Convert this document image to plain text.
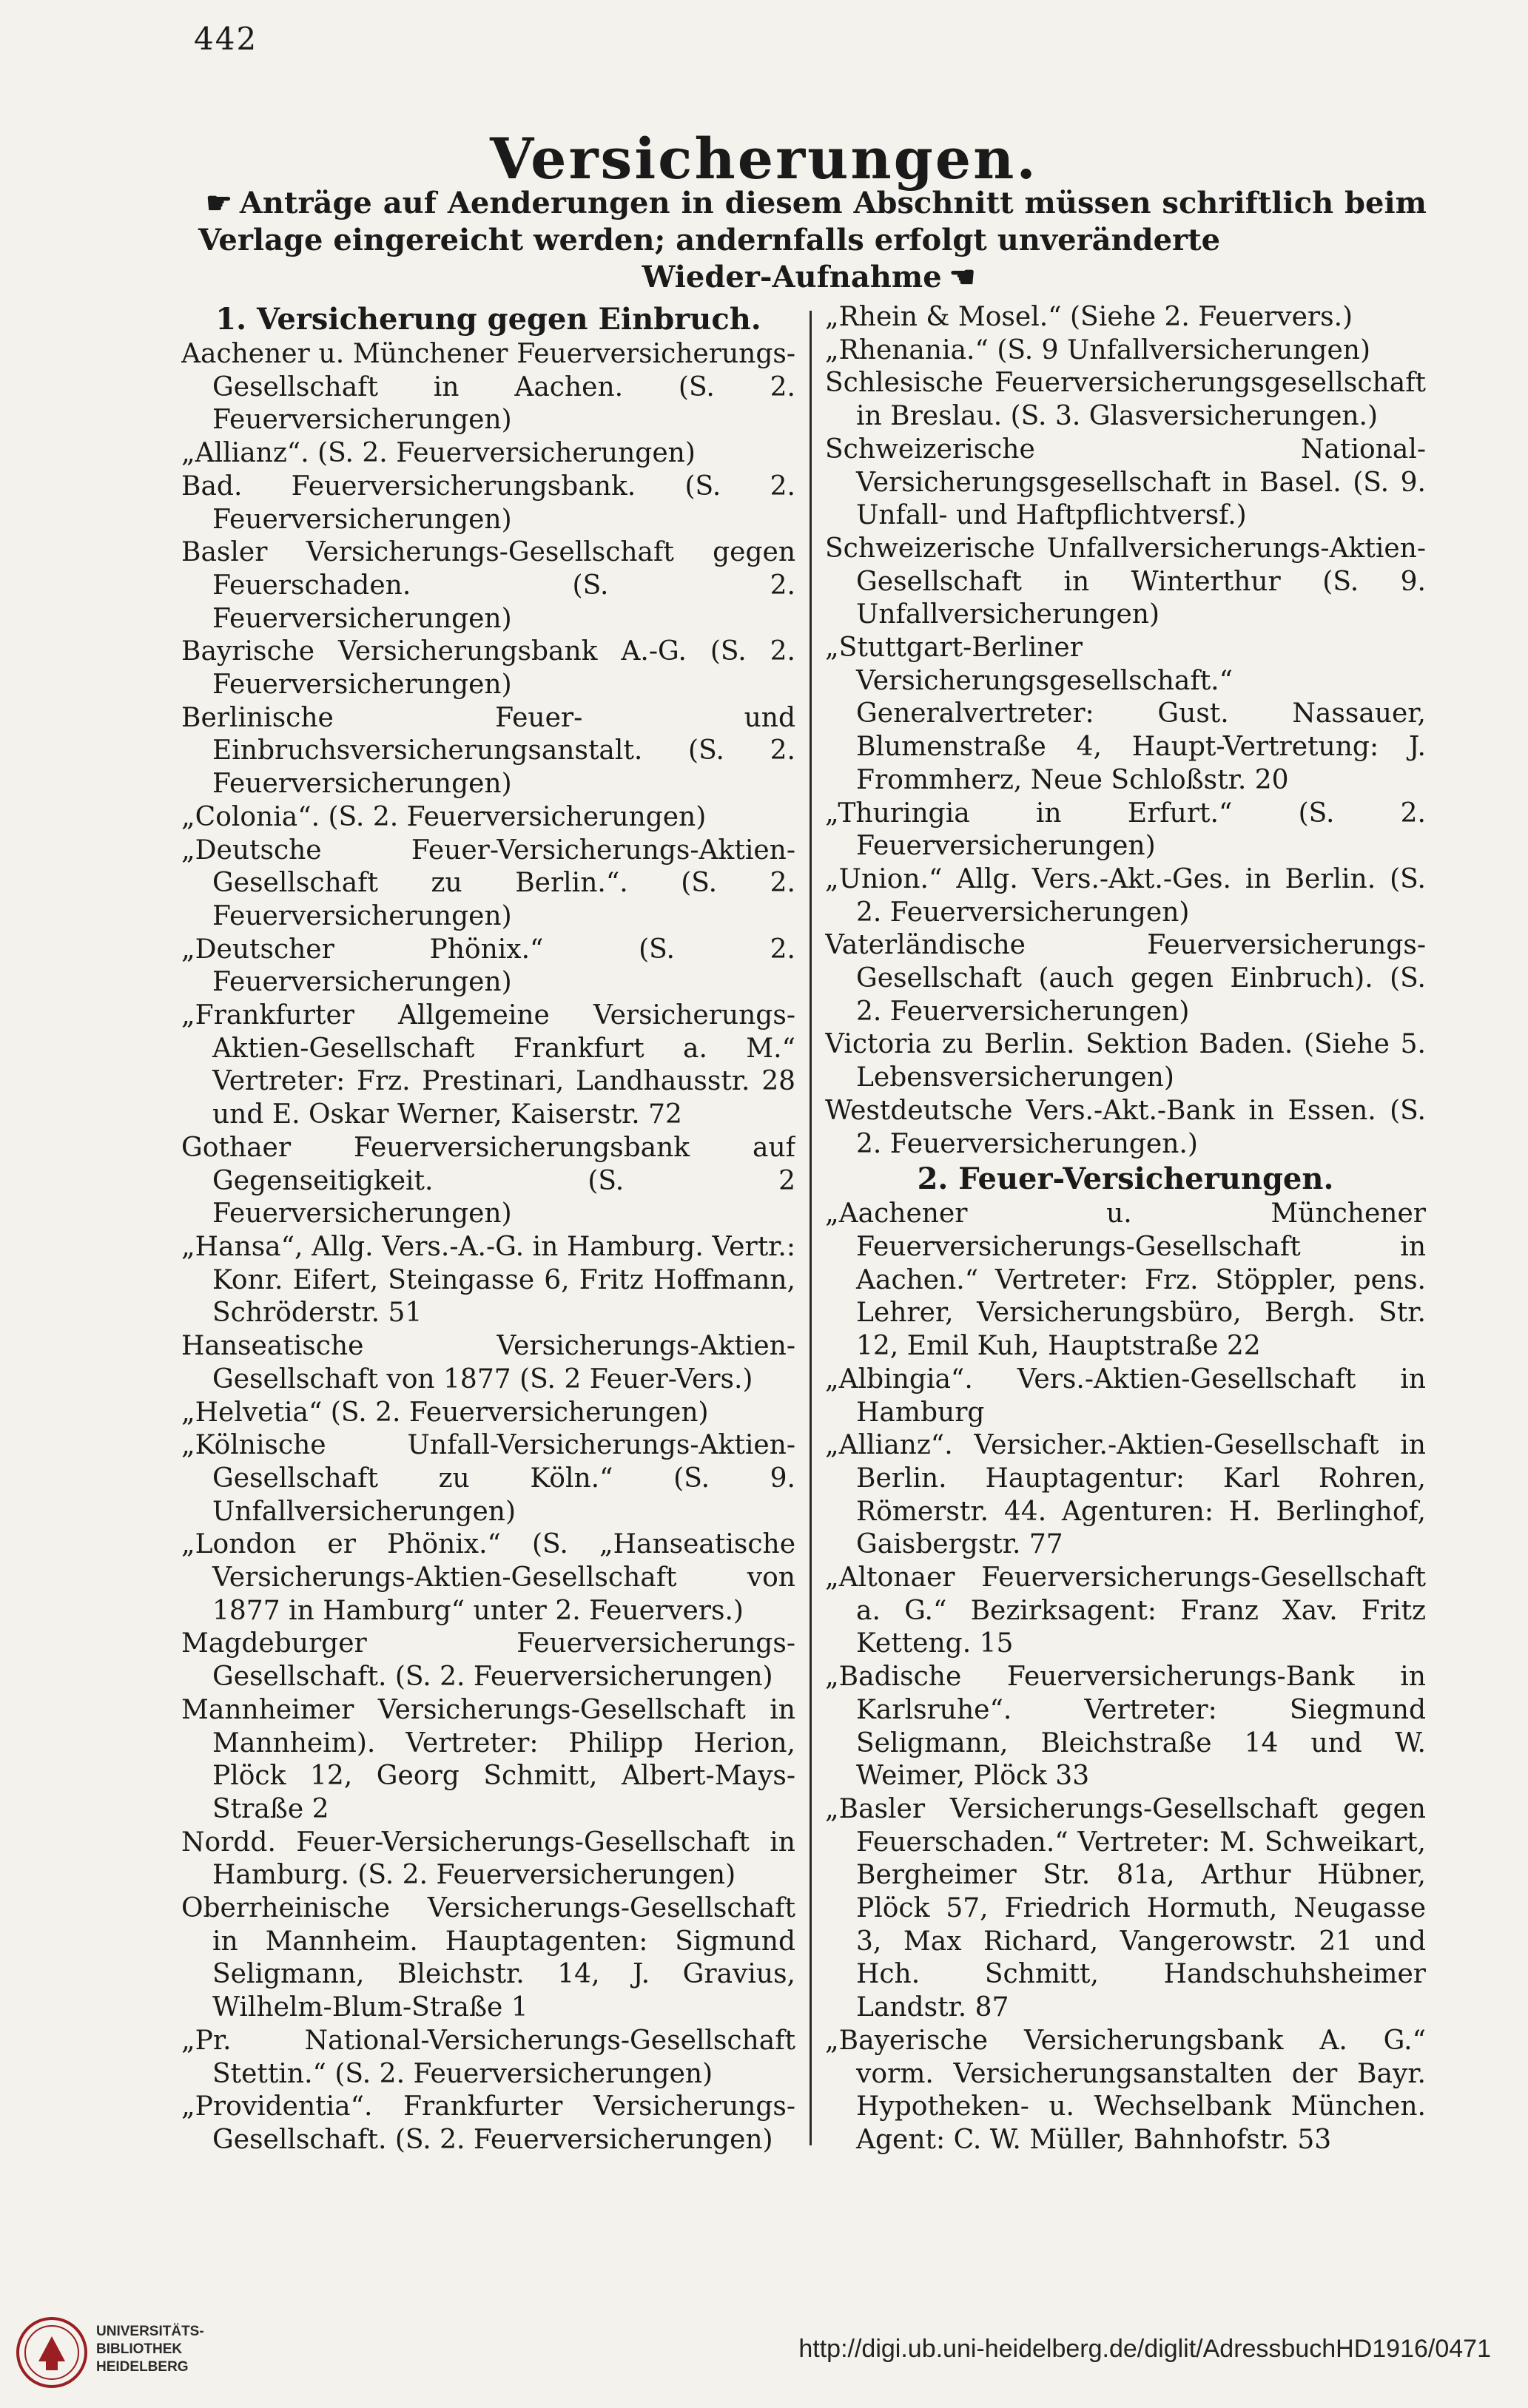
442
Versicherungen.
☛ Anträge auf Aenderungen in diesem Abschnitt müssen schriftlich beim Verlage eingereicht werden; andernfalls erfolgt unveränderte
Wieder-Aufnahme ☚

1. Versicherung gegen Einbruch.

Aachener u. Münchener Feuerversicherungs-Gesellschaft in Aachen. (S. 2. Feuerversicherungen)

„Allianz“. (S. 2. Feuerversicherungen)

Bad. Feuerversicherungsbank. (S. 2. Feuerversicherungen)

Basler Versicherungs-Gesellschaft gegen Feuerschaden. (S. 2. Feuerversicherungen)

Bayrische Versicherungsbank A.-G. (S. 2. Feuerversicherungen)

Berlinische Feuer- und Einbruchsversicherungsanstalt. (S. 2. Feuerversicherungen)

„Colonia“. (S. 2. Feuerversicherungen)

„Deutsche Feuer-Versicherungs-Aktien-Gesellschaft zu Berlin.“. (S. 2. Feuerversicherungen)

„Deutscher Phönix.“ (S. 2. Feuerversicherungen)

„Frankfurter Allgemeine Versicherungs-Aktien-Gesellschaft Frankfurt a. M.“ Vertreter: Frz. Prestinari, Landhausstr. 28 und E. Oskar Werner, Kaiserstr. 72

Gothaer Feuerversicherungsbank auf Gegenseitigkeit. (S. 2 Feuerversicherungen)

„Hansa“, Allg. Vers.-A.-G. in Hamburg. Vertr.: Konr. Eifert, Steingasse 6, Fritz Hoffmann, Schröderstr. 51

Hanseatische Versicherungs-Aktien-Gesellschaft von 1877 (S. 2 Feuer-Vers.)

„Helvetia“ (S. 2. Feuerversicherungen)

„Kölnische Unfall-Versicherungs-Aktien-Gesellschaft zu Köln.“ (S. 9. Unfallversicherungen)

„London er Phönix.“ (S. „Hanseatische Versicherungs-Aktien-Gesellschaft von 1877 in Hamburg“ unter 2. Feuervers.)

Magdeburger Feuerversicherungs-Gesellschaft. (S. 2. Feuerversicherungen)

Mannheimer Versicherungs-Gesellschaft in Mannheim). Vertreter: Philipp Herion, Plöck 12, Georg Schmitt, Albert-Mays-Straße 2

Nordd. Feuer-Versicherungs-Gesellschaft in Hamburg. (S. 2. Feuerversicherungen)

Oberrheinische Versicherungs-Gesellschaft in Mannheim. Hauptagenten: Sigmund Seligmann, Bleichstr. 14, J. Gravius, Wilhelm-Blum-Straße 1

„Pr. National-Versicherungs-Gesellschaft Stettin.“ (S. 2. Feuerversicherungen)

„Providentia“. Frankfurter Versicherungs-Gesellschaft. (S. 2. Feuerversicherungen)

„Rhein & Mosel.“ (Siehe 2. Feuervers.)

„Rhenania.“ (S. 9 Unfallversicherungen)

Schlesische Feuerversicherungsgesellschaft in Breslau. (S. 3. Glasversicherungen.)

Schweizerische National-Versicherungsgesellschaft in Basel. (S. 9. Unfall- und Haftpflichtversf.)

Schweizerische Unfallversicherungs-Aktien-Gesellschaft in Winterthur (S. 9. Unfallversicherungen)

„Stuttgart-Berliner Versicherungsgesellschaft.“ Generalvertreter: Gust. Nassauer, Blumenstraße 4, Haupt-Vertretung: J. Frommherz, Neue Schloßstr. 20

„Thuringia in Erfurt.“ (S. 2. Feuerversicherungen)

„Union.“ Allg. Vers.-Akt.-Ges. in Berlin. (S. 2. Feuerversicherungen)

Vaterländische Feuerversicherungs-Gesellschaft (auch gegen Einbruch). (S. 2. Feuerversicherungen)

Victoria zu Berlin. Sektion Baden. (Siehe 5. Lebensversicherungen)

Westdeutsche Vers.-Akt.-Bank in Essen. (S. 2. Feuerversicherungen.)

2. Feuer-Versicherungen.

„Aachener u. Münchener Feuerversicherungs-Gesellschaft in Aachen.“ Vertreter: Frz. Stöppler, pens. Lehrer, Versicherungsbüro, Bergh. Str. 12, Emil Kuh, Hauptstraße 22

„Albingia“. Vers.-Aktien-Gesellschaft in Hamburg

„Allianz“. Versicher.-Aktien-Gesellschaft in Berlin. Hauptagentur: Karl Rohren, Römerstr. 44. Agenturen: H. Berlinghof, Gaisbergstr. 77

„Altonaer Feuerversicherungs-Gesellschaft a. G.“ Bezirksagent: Franz Xav. Fritz Ketteng. 15

„Badische Feuerversicherungs-Bank in Karlsruhe“. Vertreter: Siegmund Seligmann, Bleichstraße 14 und W. Weimer, Plöck 33

„Basler Versicherungs-Gesellschaft gegen Feuerschaden.“ Vertreter: M. Schweikart, Bergheimer Str. 81a, Arthur Hübner, Plöck 57, Friedrich Hormuth, Neugasse 3, Max Richard, Vangerowstr. 21 und Hch. Schmitt, Handschuhsheimer Landstr. 87

„Bayerische Versicherungsbank A. G.“ vorm. Versicherungsanstalten der Bayr. Hypotheken- u. Wechselbank München. Agent: C. W. Müller, Bahnhofstr. 53

UNIVERSITÄTS-
BIBLIOTHEK
HEIDELBERG
http://digi.ub.uni-heidelberg.de/diglit/AdressbuchHD1916/0471
